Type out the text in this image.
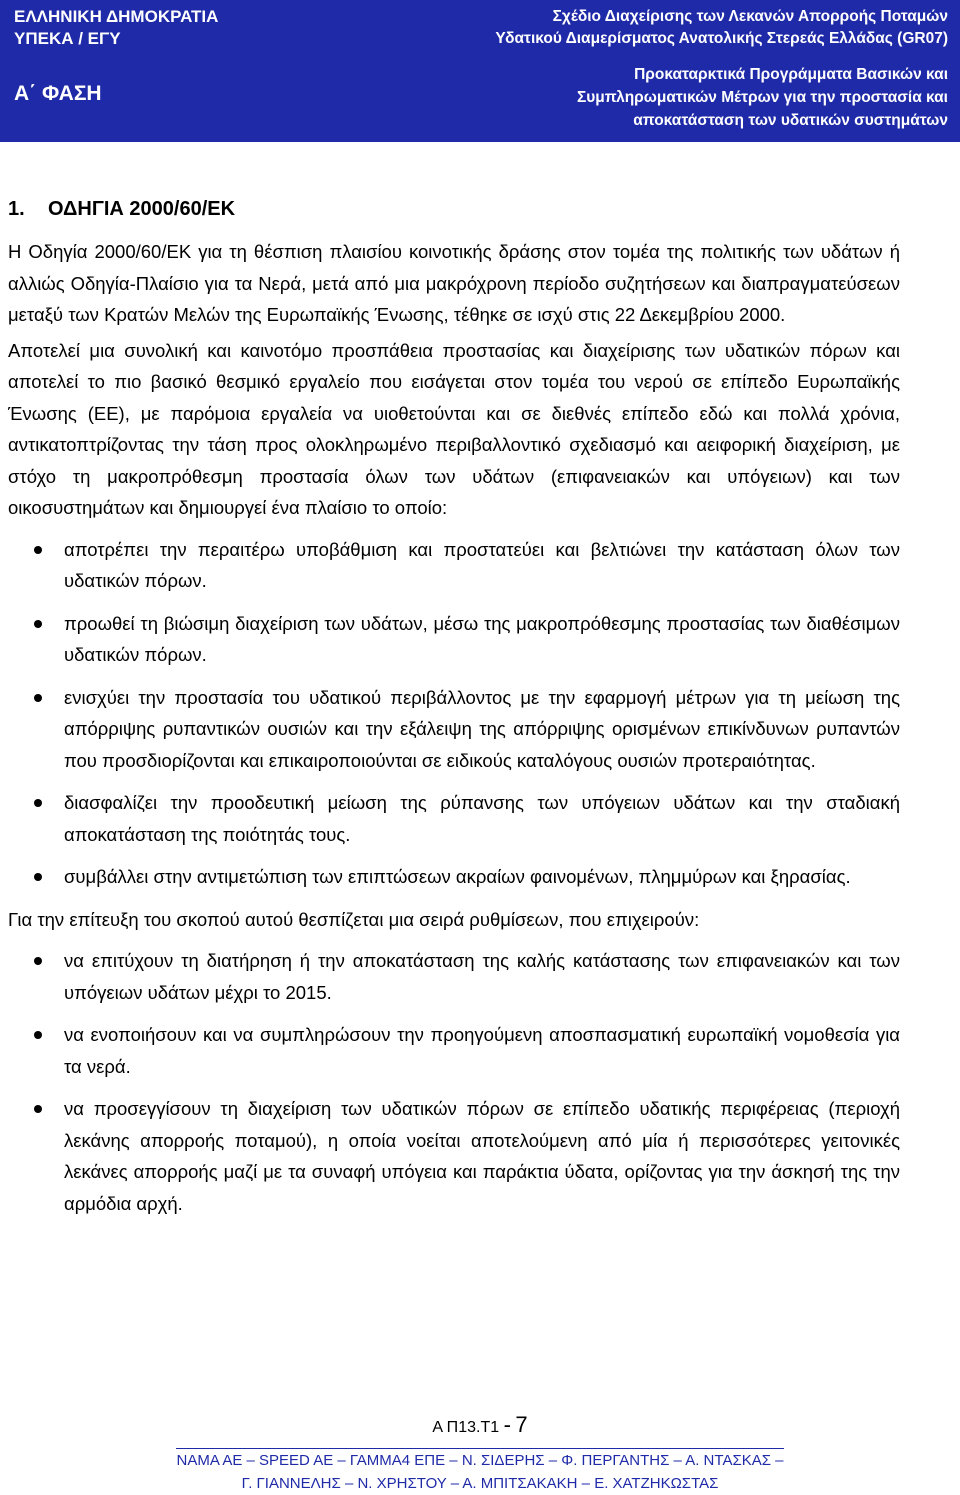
ΕΛΛΗΝΙΚΗ ΔΗΜΟΚΡΑΤΙΑ
ΥΠΕΚΑ / ΕΓΥ
Σχέδιο Διαχείρισης των Λεκανών Απορροής Ποταμών
Υδατικού Διαμερίσματος Ανατολικής Στερεάς Ελλάδας (GR07)
Α΄ ΦΑΣΗ
Προκαταρκτικά Προγράμματα Βασικών και
Συμπληρωματικών Μέτρων για την προστασία και
αποκατάσταση των υδατικών συστημάτων
1. ΟΔΗΓΙΑ 2000/60/ΕΚ

Η Οδηγία 2000/60/ΕΚ για τη θέσπιση πλαισίου κοινοτικής δράσης στον τομέα της πολιτικής των υδάτων ή αλλιώς Οδηγία-Πλαίσιο για τα Νερά, μετά από μια μακρόχρονη περίοδο συζητήσεων και διαπραγματεύσεων μεταξύ των Κρατών Μελών της Ευρωπαϊκής Ένωσης, τέθηκε σε ισχύ στις 22 Δεκεμβρίου 2000.

Αποτελεί μια συνολική και καινοτόμο προσπάθεια προστασίας και διαχείρισης των υδατικών πόρων και αποτελεί το πιο βασικό θεσμικό εργαλείο που εισάγεται στον τομέα του νερού σε επίπεδο Ευρωπαϊκής Ένωσης (ΕΕ), με παρόμοια εργαλεία να υιοθετούνται και σε διεθνές επίπεδο εδώ και πολλά χρόνια, αντικατοπτρίζοντας την τάση προς ολοκληρωμένο περιβαλλοντικό σχεδιασμό και αειφορική διαχείριση, με στόχο τη μακροπρόθεσμη προστασία όλων των υδάτων (επιφανειακών και υπόγειων) και των οικοσυστημάτων και δημιουργεί ένα πλαίσιο το οποίο:

αποτρέπει την περαιτέρω υποβάθμιση και προστατεύει και βελτιώνει την κατάσταση όλων των υδατικών πόρων.
προωθεί τη βιώσιμη διαχείριση των υδάτων, μέσω της μακροπρόθεσμης προστασίας των διαθέσιμων υδατικών πόρων.
ενισχύει την προστασία του υδατικού περιβάλλοντος με την εφαρμογή μέτρων για τη μείωση της απόρριψης ρυπαντικών ουσιών και την εξάλειψη της απόρριψης ορισμένων επικίνδυνων ρυπαντών που προσδιορίζονται και επικαιροποιούνται σε ειδικούς καταλόγους ουσιών προτεραιότητας.
διασφαλίζει την προοδευτική μείωση της ρύπανσης των υπόγειων υδάτων και την σταδιακή αποκατάσταση της ποιότητάς τους.
συμβάλλει στην αντιμετώπιση των επιπτώσεων ακραίων φαινομένων, πλημμύρων και ξηρασίας.

Για την επίτευξη του σκοπού αυτού θεσπίζεται μια σειρά ρυθμίσεων, που επιχειρούν:

να επιτύχουν τη διατήρηση ή την αποκατάσταση της καλής κατάστασης των επιφανειακών και των υπόγειων υδάτων μέχρι το 2015.
να ενοποιήσουν και να συμπληρώσουν την προηγούμενη αποσπασματική ευρωπαϊκή νομοθεσία για τα νερά.
να προσεγγίσουν τη διαχείριση των υδατικών πόρων σε επίπεδο υδατικής περιφέρειας (περιοχή λεκάνης απορροής ποταμού), η οποία νοείται αποτελούμενη από μία ή περισσότερες γειτονικές λεκάνες απορροής μαζί με τα συναφή υπόγεια και παράκτια ύδατα, ορίζοντας για την άσκησή της την αρμόδια αρχή.
Α Π13.Τ1 - 7
ΝΑΜΑ ΑΕ – SPEED AE – ΓΑΜΜΑ4 ΕΠΕ – Ν. ΣΙΔΕΡΗΣ – Φ. ΠΕΡΓΑΝΤΗΣ – Α. ΝΤΑΣΚΑΣ –
Γ. ΓΙΑΝΝΕΛΗΣ – Ν. ΧΡΗΣΤΟΥ – Α. ΜΠΙΤΣΑΚΑΚΗ – Ε. ΧΑΤΖΗΚΩΣΤΑΣ
